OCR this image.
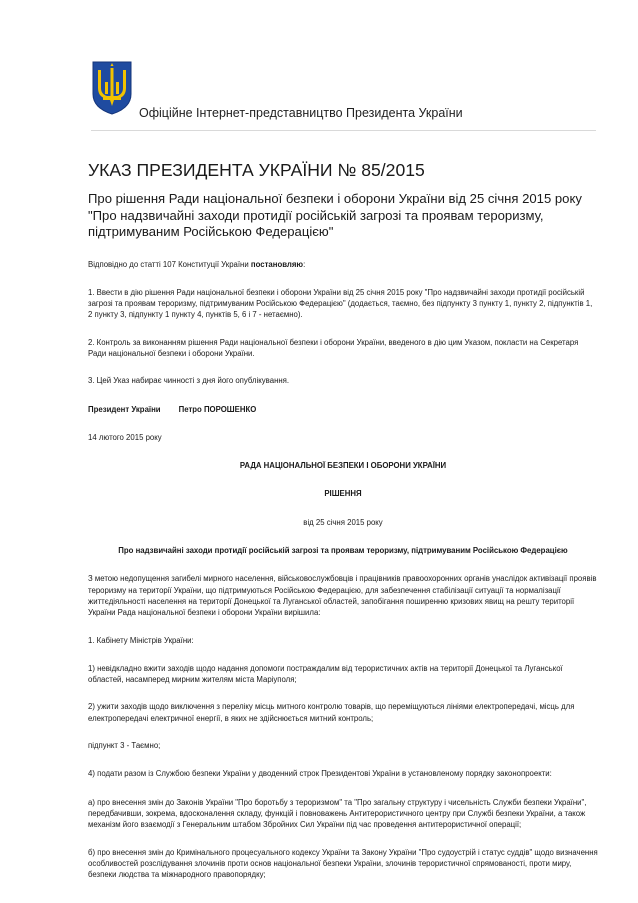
Офіційне Інтернет-представництво Президента України
УКАЗ ПРЕЗИДЕНТА УКРАЇНИ № 85/2015
Про рішення Ради національної безпеки і оборони України від 25 січня 2015 року "Про надзвичайні заходи протидії російській загрозі та проявам тероризму, підтримуваним Російською Федерацією"

Відповідно до статті 107 Конституції України постановляю:

1. Ввести в дію рішення Ради національної безпеки і оборони України від 25 січня 2015 року "Про надзвичайні заходи протидії російській загрозі та проявам тероризму, підтримуваним Російською Федерацією" (додається, таємно, без підпункту 3 пункту 1, пункту 2, підпунктів 1, 2 пункту 3, підпункту 1 пункту 4, пунктів 5, 6 і 7 - нетаємно).

2. Контроль за виконанням рішення Ради національної безпеки і оборони України, введеного в дію цим Указом, покласти на Секретаря Ради національної безпеки і оборони України.

3. Цей Указ набирає чинності з дня його опублікування.

Президент України Петро ПОРОШЕНКО

14 лютого 2015 року

РАДА НАЦІОНАЛЬНОЇ БЕЗПЕКИ І ОБОРОНИ УКРАЇНИ

РІШЕННЯ

від 25 січня 2015 року

Про надзвичайні заходи протидії російській загрозі та проявам тероризму, підтримуваним Російською Федерацією

З метою недопущення загибелі мирного населення, військовослужбовців і працівників правоохоронних органів унаслідок активізації проявів тероризму на території України, що підтримуються Російською Федерацією, для забезпечення стабілізації ситуації та нормалізації життєдіяльності населення на території Донецької та Луганської областей, запобігання поширенню кризових явищ на решту території України Рада національної безпеки і оборони України вирішила:

1. Кабінету Міністрів України:

1) невідкладно вжити заходів щодо надання допомоги постраждалим від терористичних актів на території Донецької та Луганської областей, насамперед мирним жителям міста Маріуполя;

2) ужити заходів щодо виключення з переліку місць митного контролю товарів, що переміщуються лініями електропередачі, місць для електропередачі електричної енергії, в яких не здійснюється митний контроль;

підпункт 3 - Таємно;

4) подати разом із Службою безпеки України у дводенний строк Президентові України в установленому порядку законопроекти:

а) про внесення змін до Законів України "Про боротьбу з тероризмом" та "Про загальну структуру і чисельність Служби безпеки України", передбачивши, зокрема, вдосконалення складу, функцій і повноважень Антитерористичного центру при Службі безпеки України, а також механізм його взаємодії з Генеральним штабом Збройних Сил України під час проведення антитерористичної операції;

б) про внесення змін до Кримінального процесуального кодексу України та Закону України "Про судоустрій і статус суддів" щодо визначення особливостей розслідування злочинів проти основ національної безпеки України, злочинів терористичної спрямованості, проти миру, безпеки людства та міжнародного правопорядку;
